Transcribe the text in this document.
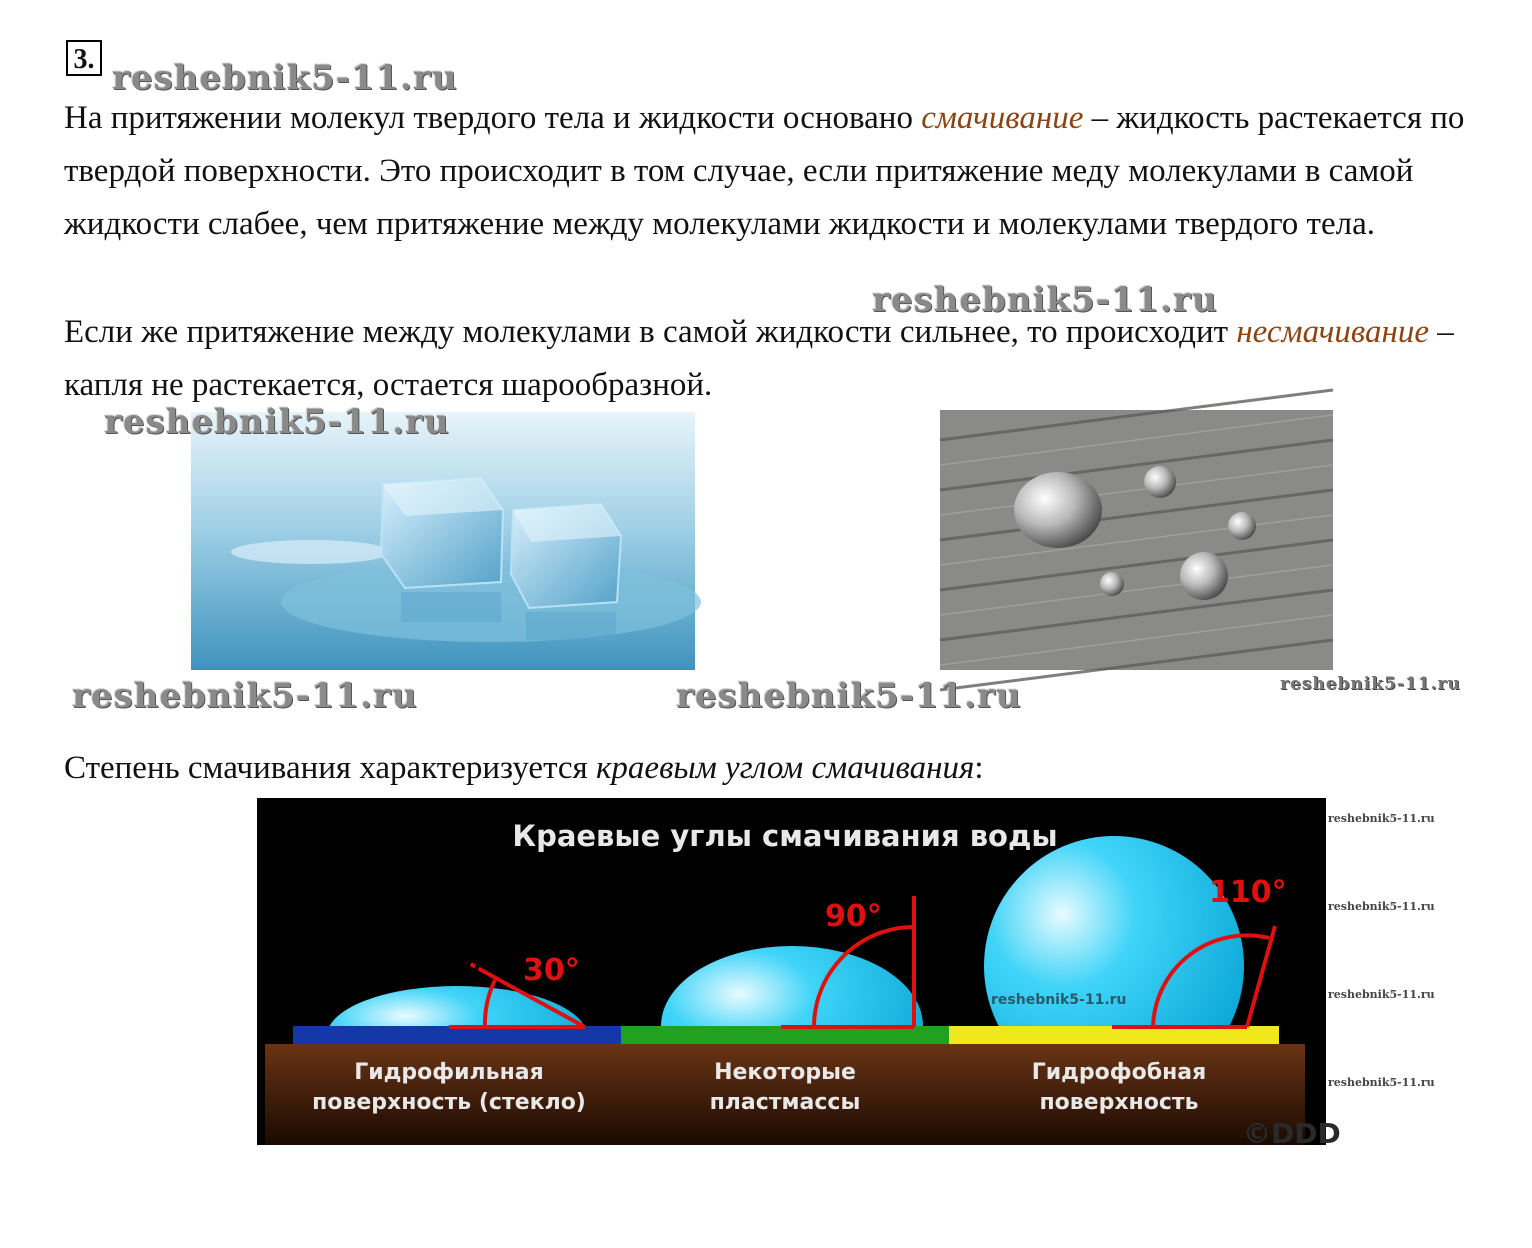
3. reshebnik5-11.ru
reshebnik5-11.ru
На притяжении молекул твердого тела и жидкости основано смачивание – жидкость растекается по твердой поверхности. Это происходит в том случае, если притяжение меду молекулами в самой жидкости слабее, чем притяжение между молекулами жидкости и молекулами твердого тела.
Если же притяжение между молекулами в самой жидкости сильнее, то происходит несмачивание – капля не растекается, остается шарообразной.
reshebnik5-11.ru
reshebnik5-11.ru	reshebnik5-11.ru	reshebnik5-11.ru
Степень смачивания характеризуется краевым углом смачивания:
Краевые углы смачивания воды
30°
90°
110°
reshebnik5-11.ru
Гидрофильная
поверхность (стекло)
Некоторые
пластмассы
Гидрофобная
поверхность
©DDD
reshebnik5-11.ru
reshebnik5-11.ru
reshebnik5-11.ru
reshebnik5-11.ru
